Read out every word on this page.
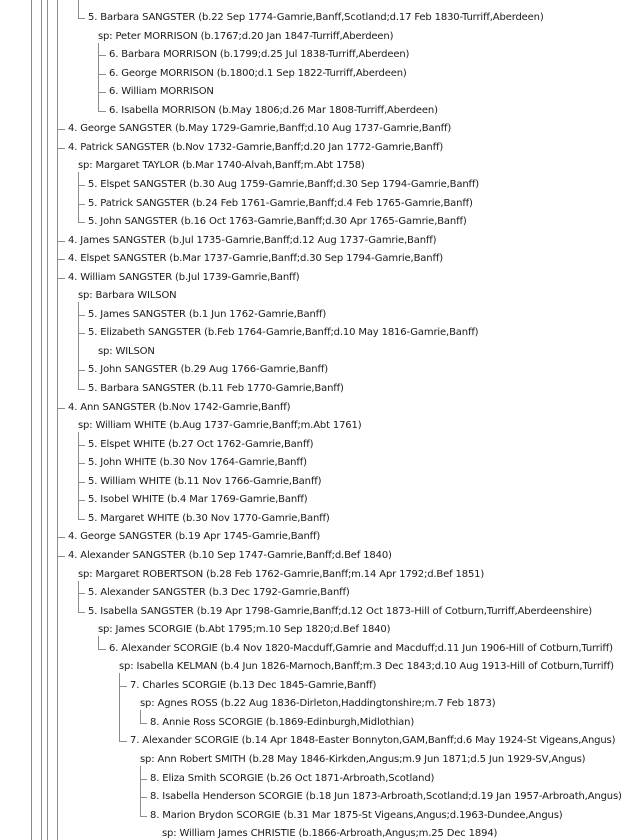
5. Barbara SANGSTER (b.22 Sep 1774-Gamrie,Banff,Scotland;d.17 Feb 1830-Turriff,Aberdeen)
sp: Peter MORRISON (b.1767;d.20 Jan 1847-Turriff,Aberdeen)
6. Barbara MORRISON (b.1799;d.25 Jul 1838-Turriff,Aberdeen)
6. George MORRISON (b.1800;d.1 Sep 1822-Turriff,Aberdeen)
6. William MORRISON
6. Isabella MORRISON (b.May 1806;d.26 Mar 1808-Turriff,Aberdeen)
4. George SANGSTER (b.May 1729-Gamrie,Banff;d.10 Aug 1737-Gamrie,Banff)
4. Patrick SANGSTER (b.Nov 1732-Gamrie,Banff;d.20 Jan 1772-Gamrie,Banff)
sp: Margaret TAYLOR (b.Mar 1740-Alvah,Banff;m.Abt 1758)
5. Elspet SANGSTER (b.30 Aug 1759-Gamrie,Banff;d.30 Sep 1794-Gamrie,Banff)
5. Patrick SANGSTER (b.24 Feb 1761-Gamrie,Banff;d.4 Feb 1765-Gamrie,Banff)
5. John SANGSTER (b.16 Oct 1763-Gamrie,Banff;d.30 Apr 1765-Gamrie,Banff)
4. James SANGSTER (b.Jul 1735-Gamrie,Banff;d.12 Aug 1737-Gamrie,Banff)
4. Elspet SANGSTER (b.Mar 1737-Gamrie,Banff;d.30 Sep 1794-Gamrie,Banff)
4. William SANGSTER (b.Jul 1739-Gamrie,Banff)
sp: Barbara WILSON
5. James SANGSTER (b.1 Jun 1762-Gamrie,Banff)
5. Elizabeth SANGSTER (b.Feb 1764-Gamrie,Banff;d.10 May 1816-Gamrie,Banff)
sp: WILSON
5. John SANGSTER (b.29 Aug 1766-Gamrie,Banff)
5. Barbara SANGSTER (b.11 Feb 1770-Gamrie,Banff)
4. Ann SANGSTER (b.Nov 1742-Gamrie,Banff)
sp: William WHITE (b.Aug 1737-Gamrie,Banff;m.Abt 1761)
5. Elspet WHITE (b.27 Oct 1762-Gamrie,Banff)
5. John WHITE (b.30 Nov 1764-Gamrie,Banff)
5. William WHITE (b.11 Nov 1766-Gamrie,Banff)
5. Isobel WHITE (b.4 Mar 1769-Gamrie,Banff)
5. Margaret WHITE (b.30 Nov 1770-Gamrie,Banff)
4. George SANGSTER (b.19 Apr 1745-Gamrie,Banff)
4. Alexander SANGSTER (b.10 Sep 1747-Gamrie,Banff;d.Bef 1840)
sp: Margaret ROBERTSON (b.28 Feb 1762-Gamrie,Banff;m.14 Apr 1792;d.Bef 1851)
5. Alexander SANGSTER (b.3 Dec 1792-Gamrie,Banff)
5. Isabella SANGSTER (b.19 Apr 1798-Gamrie,Banff;d.12 Oct 1873-Hill of Cotburn,Turriff,Aberdeenshire)
sp: James SCORGIE (b.Abt 1795;m.10 Sep 1820;d.Bef 1840)
6. Alexander SCORGIE (b.4 Nov 1820-Macduff,Gamrie and Macduff;d.11 Jun 1906-Hill of Cotburn,Turriff)
sp: Isabella KELMAN (b.4 Jun 1826-Marnoch,Banff;m.3 Dec 1843;d.10 Aug 1913-Hill of Cotburn,Turriff)
7. Charles SCORGIE (b.13 Dec 1845-Gamrie,Banff)
sp: Agnes ROSS (b.22 Aug 1836-Dirleton,Haddingtonshire;m.7 Feb 1873)
8. Annie Ross SCORGIE (b.1869-Edinburgh,Midlothian)
7. Alexander SCORGIE (b.14 Apr 1848-Easter Bonnyton,GAM,Banff;d.6 May 1924-St Vigeans,Angus)
sp: Ann Robert SMITH (b.28 May 1846-Kirkden,Angus;m.9 Jun 1871;d.5 Jun 1929-SV,Angus)
8. Eliza Smith SCORGIE (b.26 Oct 1871-Arbroath,Scotland)
8. Isabella Henderson SCORGIE (b.18 Jun 1873-Arbroath,Scotland;d.19 Jan 1957-Arbroath,Angus)
8. Marion Brydon SCORGIE (b.31 Mar 1875-St Vigeans,Angus;d.1963-Dundee,Angus)
sp: William James CHRISTIE (b.1866-Arbroath,Angus;m.25 Dec 1894)
